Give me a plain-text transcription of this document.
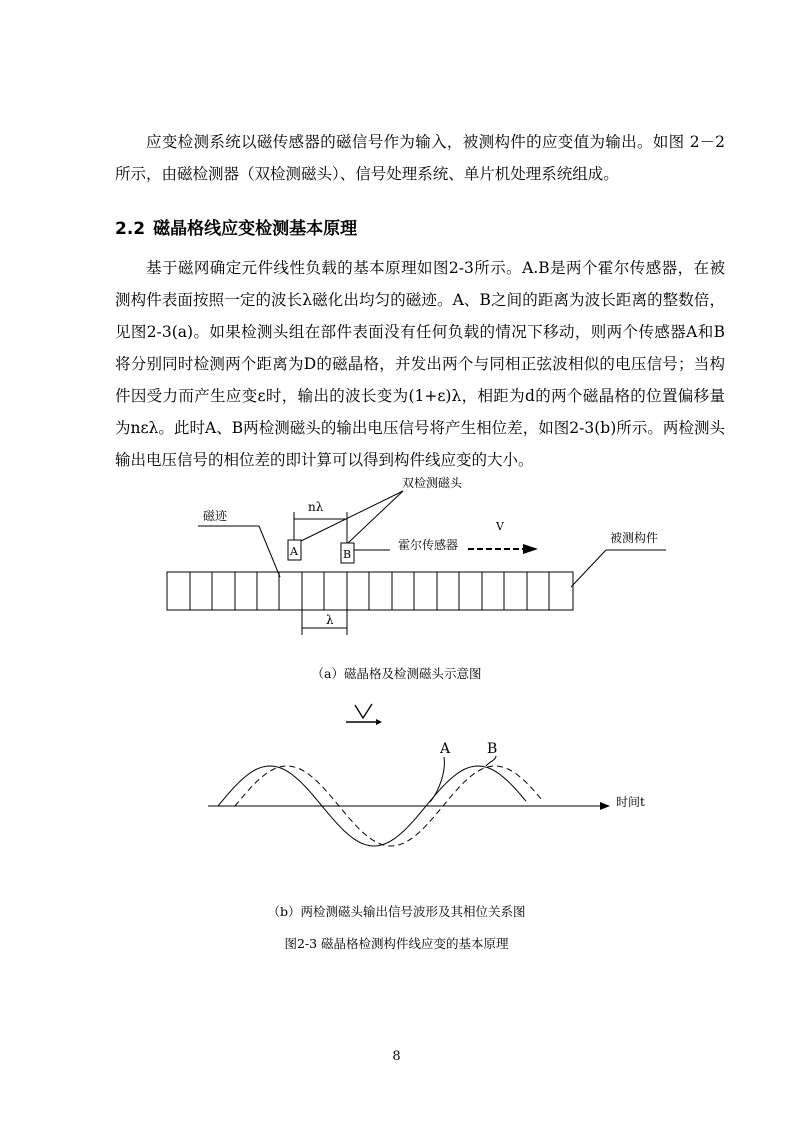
应变检测系统以磁传感器的磁信号作为输入，被测构件的应变值为输出。如图 2－2所示，由磁检测器（双检测磁头）、信号处理系统、单片机处理系统组成。

2.2 磁晶格线应变检测基本原理

基于磁网确定元件线性负载的基本原理如图2-3所示。A.B是两个霍尔传感器，在被测构件表面按照一定的波长λ磁化出均匀的磁迹。A、B之间的距离为波长距离的整数倍，见图2-3(a)。如果检测头组在部件表面没有任何负载的情况下移动，则两个传感器A和B将分别同时检测两个距离为D的磁晶格，并发出两个与同相正弦波相似的电压信号；当构件因受力而产生应变ε时，输出的波长变为(1+ε)λ，相距为d的两个磁晶格的位置偏移量为nελ。此时A、B两检测磁头的输出电压信号将产生相位差，如图2-3(b)所示。两检测头输出电压信号的相位差的即计算可以得到构件线应变的大小。

磁迹
nλ
双检测磁头
A	B
霍尔传感器
V
被测构件
λ
A	B
时间t

（a）磁晶格及检测磁头示意图

（b）两检测磁头输出信号波形及其相位关系图

图2-3 磁晶格检测构件线应变的基本原理

8
